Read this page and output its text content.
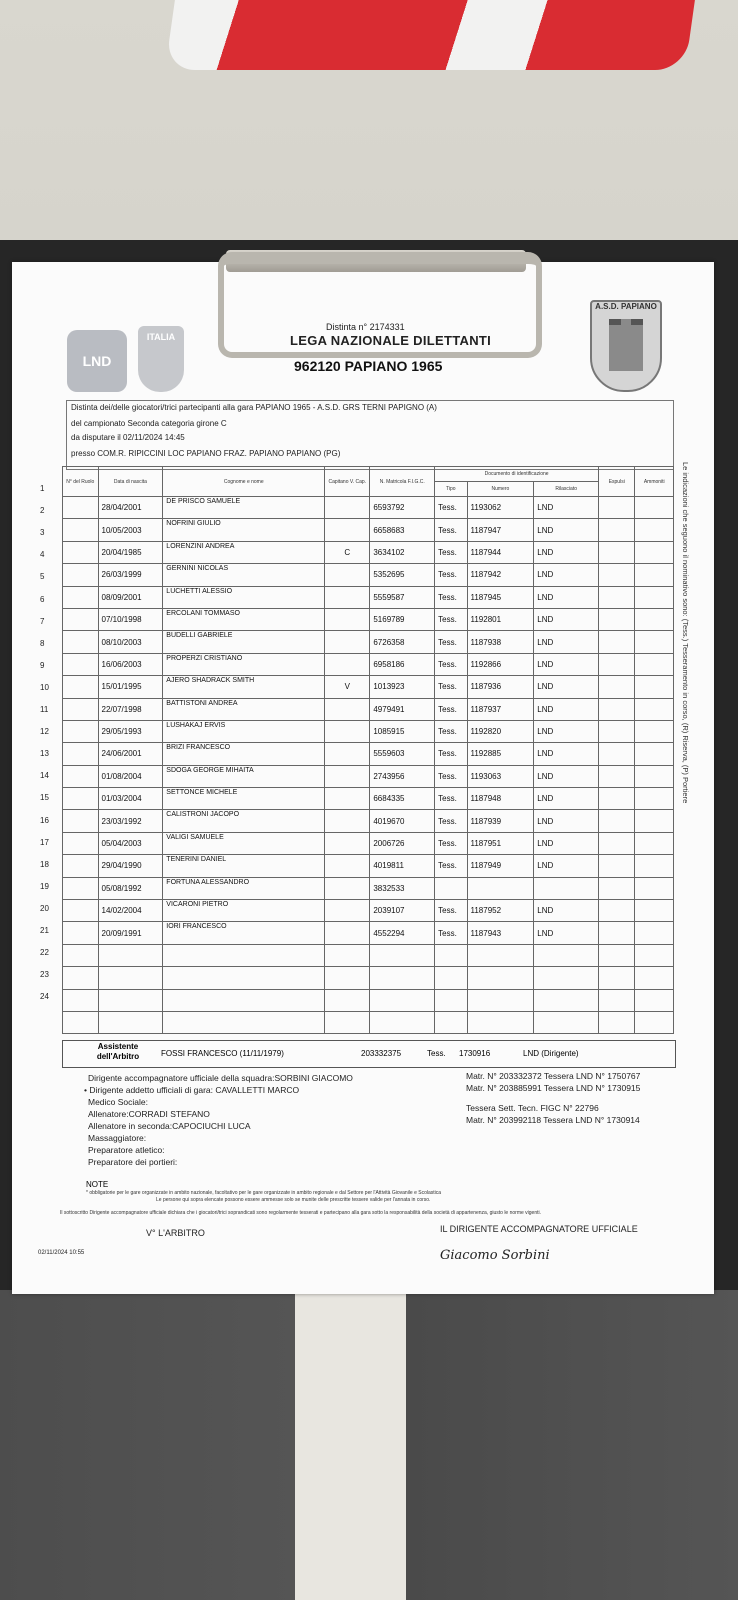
LND
ITALIA
A.S.D. PAPIANO
Distinta n° 2174331
LEGA NAZIONALE DILETTANTI
962120 PAPIANO 1965
Distinta dei/delle giocatori/trici partecipanti alla gara PAPIANO 1965 - A.S.D. GRS TERNI PAPIGNO (A)
del campionato Seconda categoria girone C
da disputare il 02/11/2024 14:45
presso COM.R. RIPICCINI LOC PAPIANO FRAZ. PAPIANO PAPIANO (PG)
N° del Ruolo	Data di nascita	Cognome e nome	Capitano V. Cap.	N. Matricola F.I.G.C.	Documento di identificazione			Espulsi	Ammoniti
					Tipo	Numero	Rilasciato		
	28/04/2001	DE PRISCO SAMUELE		6593792	Tess.	1193062	LND		
	10/05/2003	NOFRINI GIULIO		6658683	Tess.	1187947	LND		
	20/04/1985	LORENZINI ANDREA	C	3634102	Tess.	1187944	LND		
	26/03/1999	GERNINI NICOLAS		5352695	Tess.	1187942	LND		
	08/09/2001	LUCHETTI ALESSIO		5559587	Tess.	1187945	LND		
	07/10/1998	ERCOLANI TOMMASO		5169789	Tess.	1192801	LND		
	08/10/2003	BUDELLI GABRIELE		6726358	Tess.	1187938	LND		
	16/06/2003	PROPERZI CRISTIANO		6958186	Tess.	1192866	LND		
	15/01/1995	AJERO SHADRACK SMITH	V	1013923	Tess.	1187936	LND		
	22/07/1998	BATTISTONI ANDREA		4979491	Tess.	1187937	LND		
	29/05/1993	LUSHAKAJ ERVIS		1085915	Tess.	1192820	LND		
	24/06/2001	BRIZI FRANCESCO		5559603	Tess.	1192885	LND		
	01/08/2004	SDOGA GEORGE MIHAITA		2743956	Tess.	1193063	LND		
	01/03/2004	SETTONCE MICHELE		6684335	Tess.	1187948	LND		
	23/03/1992	CALISTRONI JACOPO		4019670	Tess.	1187939	LND		
	05/04/2003	VALIGI SAMUELE		2006726	Tess.	1187951	LND		
	29/04/1990	TENERINI DANIEL		4019811	Tess.	1187949	LND		
	05/08/1992	FORTUNA ALESSANDRO		3832533					
	14/02/2004	VICARONI PIETRO		2039107	Tess.	1187952	LND		
	20/09/1991	IORI FRANCESCO		4552294	Tess.	1187943	LND		

1
2
3
4
5
6
7
8
9
10
11
12
13
14
15
16
17
18
19
20
21
22
23
24
Le indicazioni che seguono il nominativo sono: (Tess.) Tesseramento in corso, (R) Riserva, (P) Portiere
Assistente dell'Arbitro	FOSSI FRANCESCO (11/11/1979)	203332375	Tess. 1730916	LND (Dirigente)
Dirigente accompagnatore ufficiale della squadra:SORBINI GIACOMO
• Dirigente addetto ufficiali di gara: CAVALLETTI MARCO
Medico Sociale:
Allenatore:CORRADI STEFANO
Allenatore in seconda:CAPOCIUCHI LUCA
Massaggiatore:
Preparatore atletico:
Preparatore dei portieri:
Matr. N° 203332372 Tessera LND N° 1750767
Matr. N° 203885991 Tessera LND N° 1730915
Tessera Sett. Tecn. FIGC N° 22796
Matr. N° 203992118 Tessera LND N° 1730914
NOTE
* obbligatorie per le gare organizzate in ambito nazionale, facoltativo per le gare organizzate in ambito regionale e dal Settore per l'Attività Giovanile e Scolastica
Le persone qui sopra elencate possono essere ammesse solo se munite delle prescritte tessere valide per l'annata in corso.
Il sottoscritto Dirigente accompagnatore ufficiale dichiara che i giocatori/trici soprandicati sono regolarmente tesserati e partecipano alla gara sotto la responsabilità della società di appartenenza, giusto le norme vigenti.
V° L'ARBITRO	IL DIRIGENTE ACCOMPAGNATORE UFFICIALE
02/11/2024 10:55	Giacomo Sorbini
